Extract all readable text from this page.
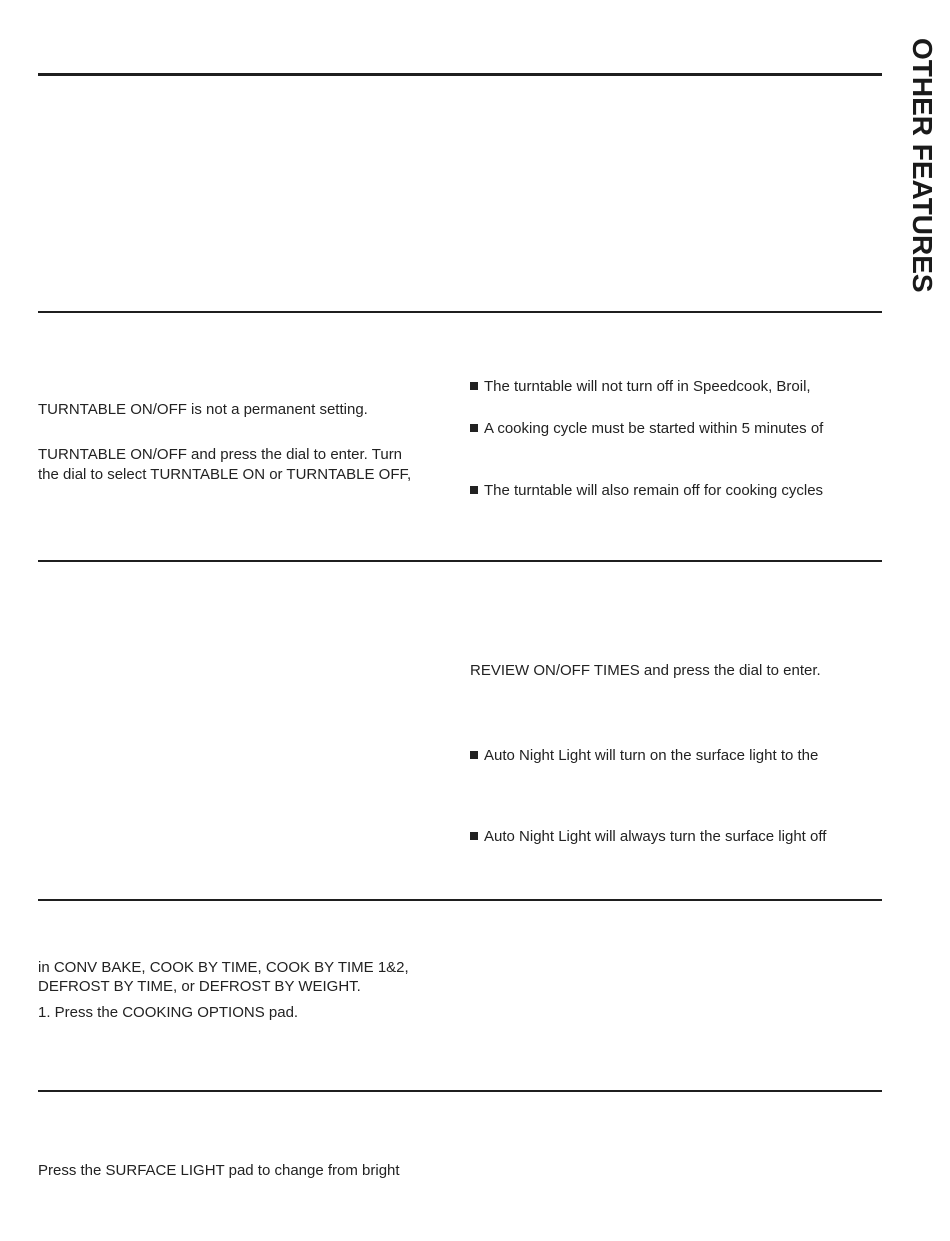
OTHER FEATURES
TURNTABLE ON/OFF is not a permanent setting.
TURNTABLE ON/OFF and press the dial to enter. Turn
the dial to select TURNTABLE ON or TURNTABLE OFF,
The turntable will not turn off in Speedcook, Broil,
A cooking cycle must be started within 5 minutes of
The turntable will also remain off for cooking cycles
REVIEW ON/OFF TIMES and press the dial to enter.
Auto Night Light will turn on the surface light to the
Auto Night Light will always turn the surface light off
in CONV BAKE, COOK BY TIME, COOK BY TIME 1&2,
DEFROST BY TIME, or DEFROST BY WEIGHT.
1. Press the COOKING OPTIONS pad.
Press the SURFACE LIGHT pad to change from bright
